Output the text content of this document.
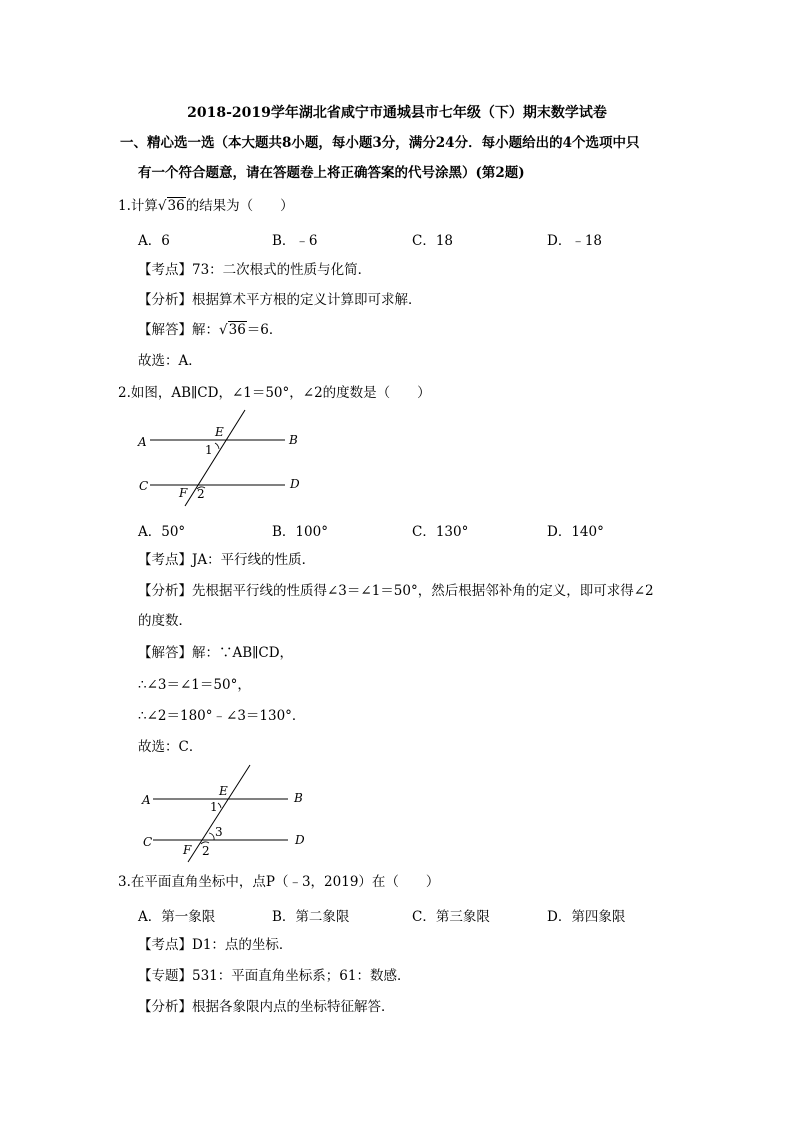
2018-2019学年湖北省咸宁市通城县市七年级（下）期末数学试卷
一、精心选一选（本大题共8小题，每小题3分，满分24分．每小题给出的4个选项中只
有一个符合题意，请在答题卷上将正确答案的代号涂黑）(第2题)
1.计算√36的结果为（　　）
A．6	B．﹣6	C．18	D．﹣18
【考点】73：二次根式的性质与化简．
【分析】根据算术平方根的定义计算即可求解．
【解答】解：√36＝6．
故选：A．
2.如图，AB∥CD，∠1＝50°，∠2的度数是（　　）
A	B
C	D
E
F
1
2
A．50°	B．100°	C．130°	D．140°
【考点】JA：平行线的性质．
【分析】先根据平行线的性质得∠3＝∠1＝50°，然后根据邻补角的定义，即可求得∠2
的度数．
【解答】解：∵AB∥CD，
∴∠3＝∠1＝50°，
∴∠2＝180°﹣∠3＝130°．
故选：C．
A	B
C	D
E
F
1
3
2
3.在平面直角坐标中，点P（﹣3，2019）在（　　）
A．第一象限	B．第二象限	C．第三象限	D．第四象限
【考点】D1：点的坐标．
【专题】531：平面直角坐标系；61：数感．
【分析】根据各象限内点的坐标特征解答．
